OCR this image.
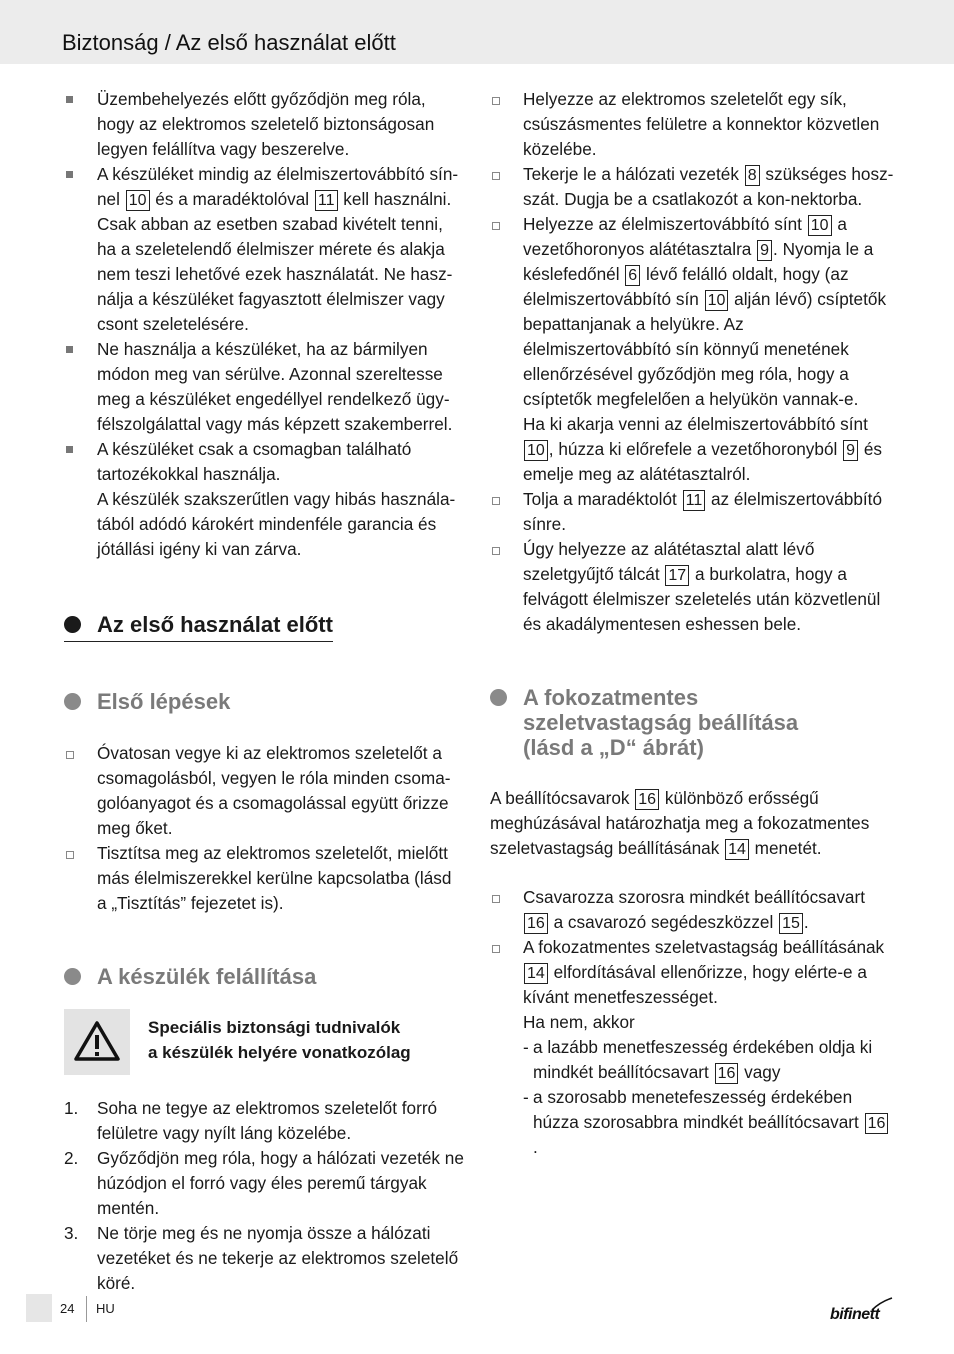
Biztonság / Az első használat előtt
Üzembehelyezés előtt győződjön meg róla, hogy az elektromos szeletelő biztonságosan legyen felállítva vagy beszerelve.
A készüléket mindig az élelmiszertovábbító sín-nel 10 és a maradéktolóval 11 kell használni. Csak abban az esetben szabad kivételt tenni, ha a szeletelendő élelmiszer mérete és alakja nem teszi lehetővé ezek használatát. Ne hasz-nálja a készüléket fagyasztott élelmiszer vagy csont szeletelésére.
Ne használja a készüléket, ha az bármilyen módon meg van sérülve. Azonnal szereltesse meg a készüléket engedéllyel rendelkező ügy-félszolgálattal vagy más képzett szakemberrel.
A készüléket csak a csomagban található tartozékokkal használja.
A készülék szakszerűtlen vagy hibás használa-tából adódó károkért mindenféle garancia és jótállási igény ki van zárva.
Az első használat előtt
Első lépések
Óvatosan vegye ki az elektromos szeletelőt a csomagolásból, vegyen le róla minden csoma-golóanyagot és a csomagolással együtt őrizze meg őket.
Tisztítsa meg az elektromos szeletelőt, mielőtt más élelmiszerekkel kerülne kapcsolatba (lásd a „Tisztítás” fejezetet is).
A készülék felállítása
Speciális biztonsági tudnivalók
a készülék helyére vonatkozólag
1. Soha ne tegye az elektromos szeletelőt forró felületre vagy nyílt láng közelébe.
2. Győződjön meg róla, hogy a hálózati vezeték ne húzódjon el forró vagy éles peremű tárgyak mentén.
3. Ne törje meg és ne nyomja össze a hálózati vezetéket és ne tekerje az elektromos szeletelő köré.
Helyezze az elektromos szeletelőt egy sík, csúszásmentes felületre a konnektor közvetlen közelébe.
Tekerje le a hálózati vezeték 8 szükséges hosz-szát. Dugja be a csatlakozót a kon-nektorba.
Helyezze az élelmiszertovábbító sínt 10 a vezetőhoronyos alátétasztalra 9 . Nyomja le a késlefedőnél 6 lévő felálló oldalt, hogy (az élelmiszertovábbító sín 10 alján lévő) csíptetők bepattanjanak a helyükre. Az élelmiszertovábbító sín könnyű menetének ellenőrzésével győződjön meg róla, hogy a csíptetők megfelelően a helyükön vannak-e.
Ha ki akarja venni az élelmiszertovábbító sínt 10 , húzza ki előrefele a vezetőhoronyból 9 és emelje meg az alátétasztalról.
Tolja a maradéktolót 11 az élelmiszertovábbító sínre.
Úgy helyezze az alátétasztal alatt lévő szeletgyűjtő tálcát 17 a burkolatra, hogy a felvágott élelmiszer szeletelés után közvetlenül és akadálymentesen eshessen bele.
A fokozatmentes
szeletvastagság beállítása
(lásd a „D“ ábrát)
A beállítócsavarok 16 különböző erősségű meghúzásával határozhatja meg a fokozatmentes szeletvastagság beállításának 14 menetét.
Csavarozza szorosra mindkét beállítócsavart 16 a csavarozó segédeszközzel 15 .
A fokozatmentes szeletvastagság beállításának 14 elfordításával ellenőrizze, hogy elérte-e a kívánt menetfeszességet.
Ha nem, akkor
- a lazább menetfeszesség érdekében oldja ki mindkét beállítócsavart 16 vagy
- a szorosabb menetefeszesség érdekében húzza szorosabbra mindkét beállítócsavart 16.
24 HU	bifinett
